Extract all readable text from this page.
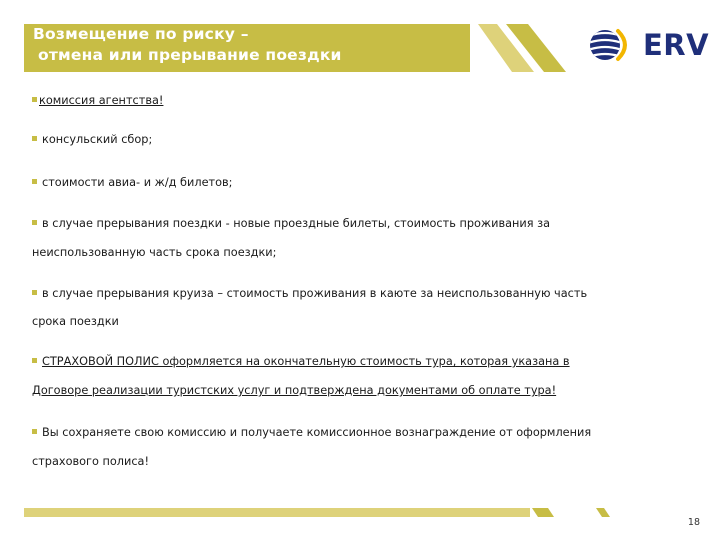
Возмещение по риску –
отмена или прерывание поездки	ERV
комиссия агентства!
консульский сбор;
стоимости авиа- и ж/д билетов;
в случае прерывания поездки - новые проездные билеты, стоимость проживания за
неиспользованную часть срока поездки;
в случае прерывания круиза – стоимость проживания в каюте за неиспользованную часть
срока поездки
СТРАХОВОЙ ПОЛИС оформляется на окончательную стоимость тура, которая указана в
Договоре реализации туристских услуг и подтверждена документами об оплате тура!
Вы сохраняете свою комиссию и получаете комиссионное вознаграждение от оформления
страхового полиса!
18
